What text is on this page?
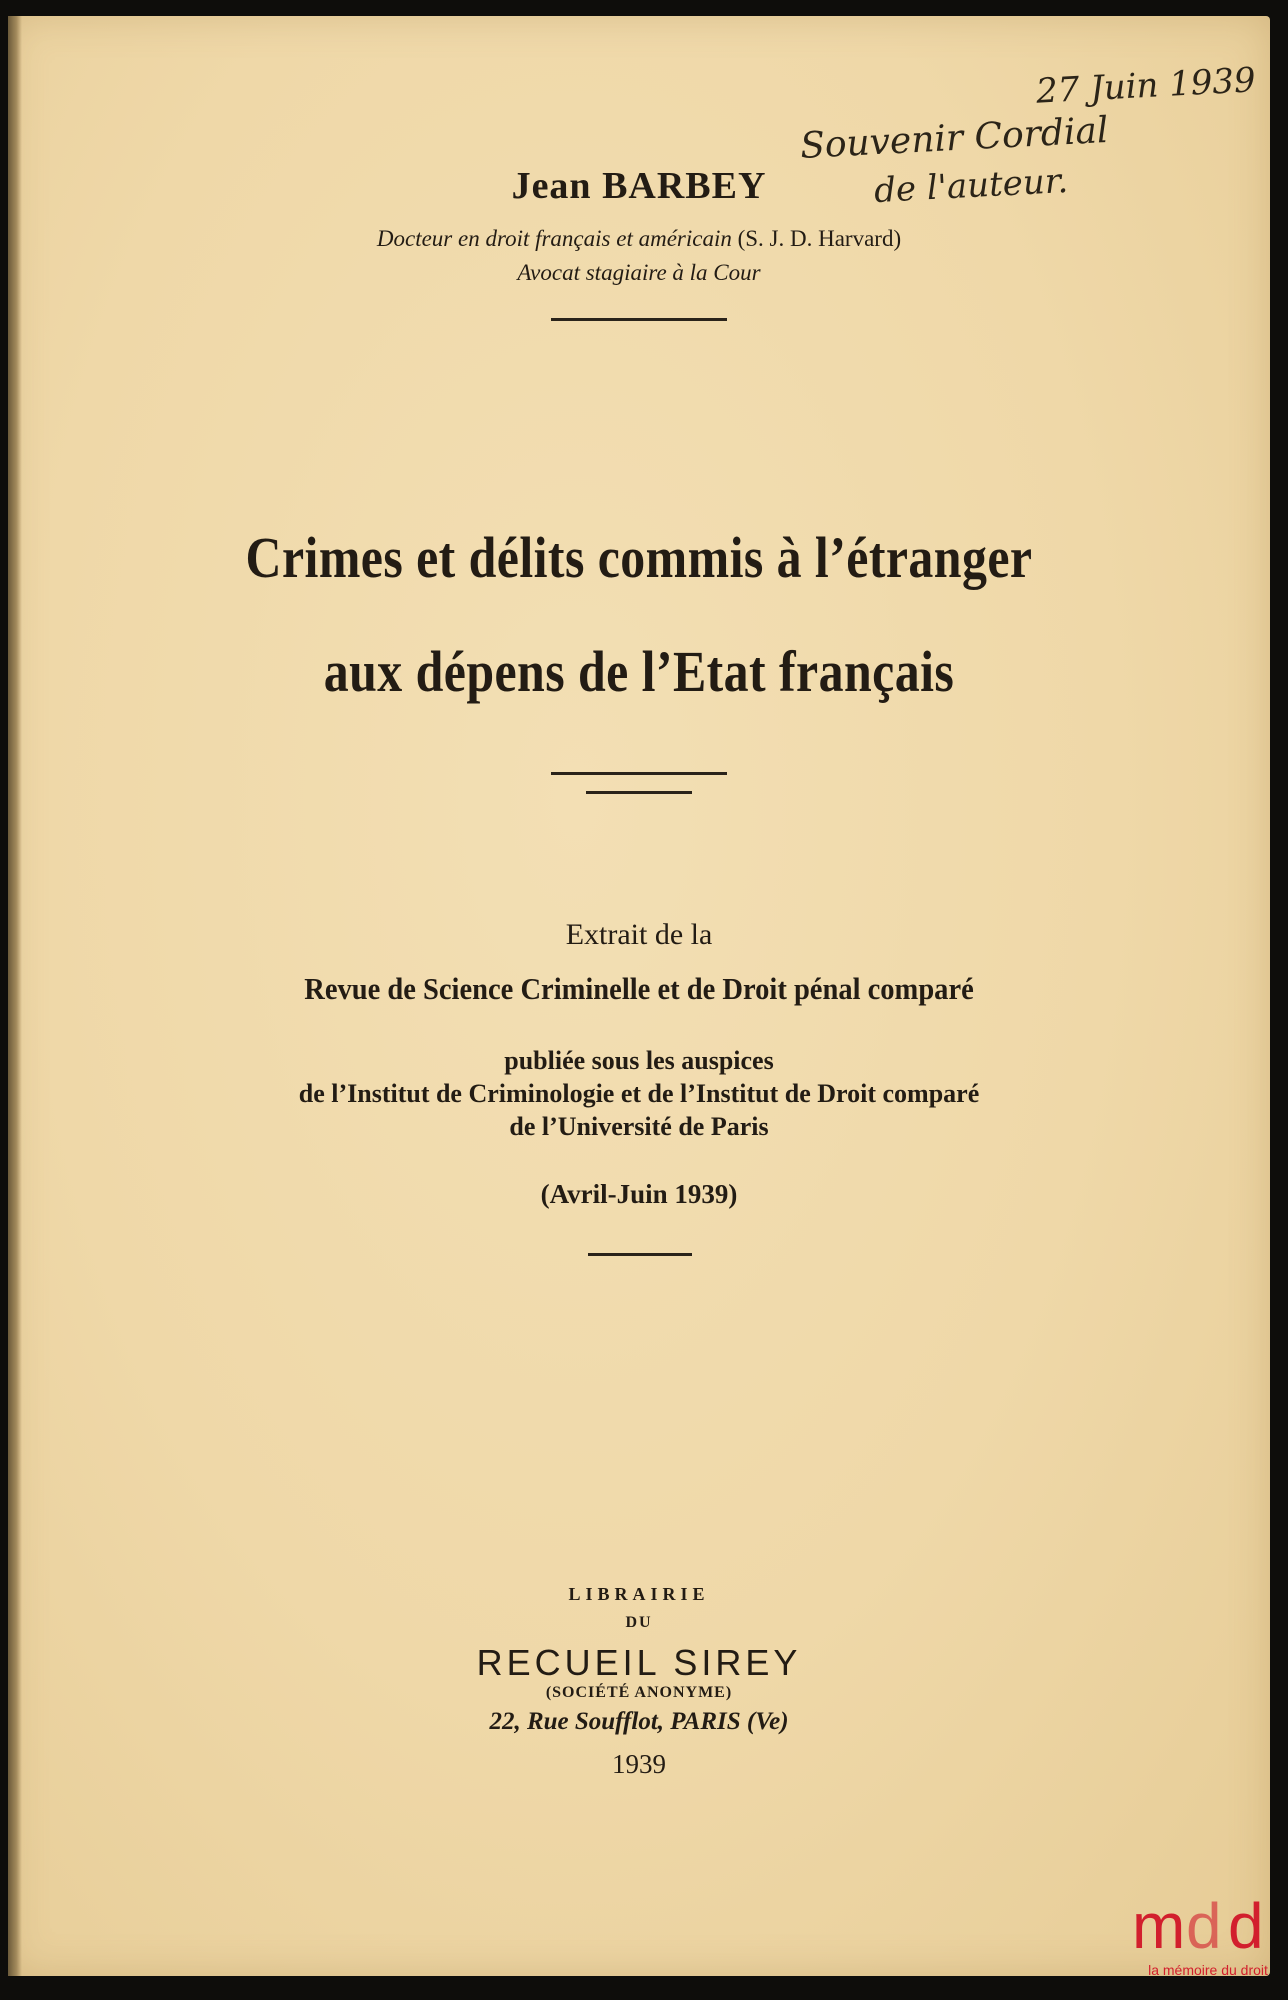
27 Juin 1939
Souvenir Cordial
de l'auteur.
Jean BARBEY
Docteur en droit français et américain (S. J. D. Harvard)
Avocat stagiaire à la Cour
Crimes et délits commis à l’étranger
aux dépens de l’Etat français
Extrait de la
Revue de Science Criminelle et de Droit pénal comparé
publiée sous les auspices
de l’Institut de Criminologie et de l’Institut de Droit comparé
de l’Université de Paris
(Avril-Juin 1939)
LIBRAIRIE
DU
RECUEIL SIREY
(SOCIÉTÉ ANONYME)
22, Rue Soufflot, PARIS (Ve)
1939
m d d
la mémoire du droit
